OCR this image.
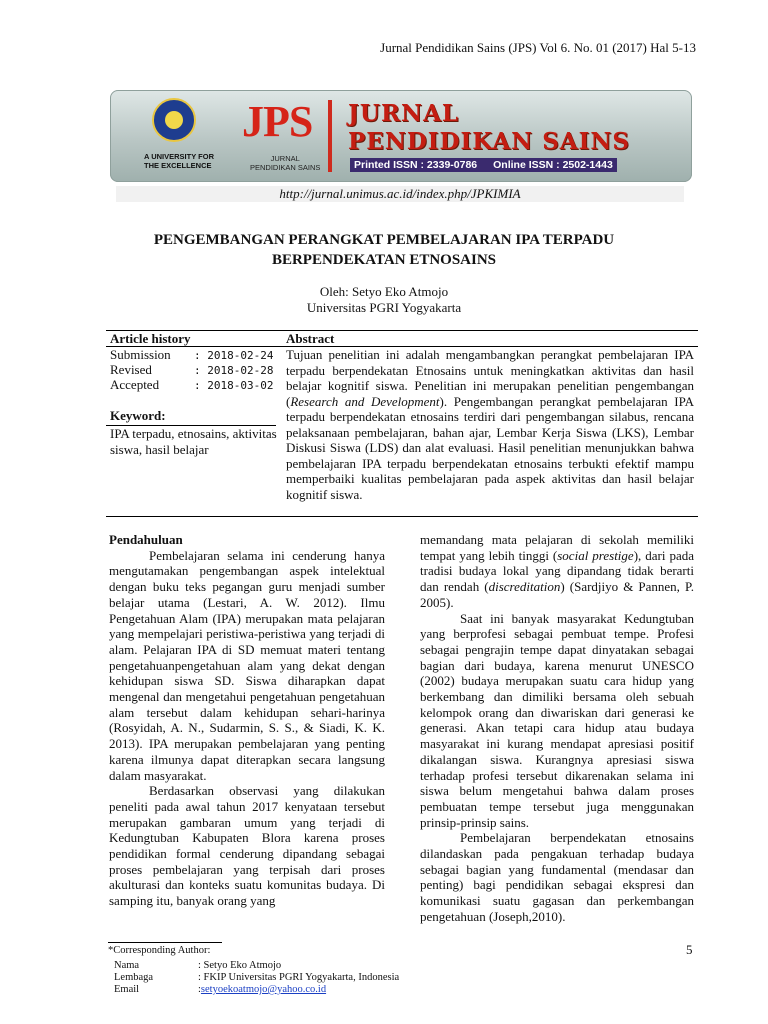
Jurnal Pendidikan Sains (JPS) Vol 6. No. 01 (2017) Hal 5-13
A UNIVERSITY FOR
THE EXCELLENCE
JPS
JURNAL
PENDIDIKAN SAINS
JURNAL
PENDIDIKAN SAINS
Printed ISSN : 2339-0786 Online ISSN : 2502-1443
http://jurnal.unimus.ac.id/index.php/JPKIMIA
PENGEMBANGAN PERANGKAT PEMBELAJARAN IPA TERPADU
BERPENDEKATAN ETNOSAINS
Oleh: Setyo Eko Atmojo
Universitas PGRI Yogyakarta
Article history	Abstract
Submission : 2018-02-24
Revised	: 2018-02-28
Accepted	: 2018-03-02
Keyword:
IPA terpadu, etnosains, aktivitas siswa, hasil belajar
Tujuan penelitian ini adalah mengambangkan perangkat pembelajaran IPA terpadu berpendekatan Etnosains untuk meningkatkan aktivitas dan hasil belajar kognitif siswa. Penelitian ini merupakan penelitian pengembangan (Research and Development). Pengembangan perangkat pembelajaran IPA terpadu berpendekatan etnosains terdiri dari pengembangan silabus, rencana pelaksanaan pembelajaran, bahan ajar, Lembar Kerja Siswa (LKS), Lembar Diskusi Siswa (LDS) dan alat evaluasi. Hasil penelitian menunjukkan bahwa pembelajaran IPA terpadu berpendekatan etnosains terbukti efektif mampu memperbaiki kualitas pembelajaran pada aspek aktivitas dan hasil belajar kognitif siswa.

Pendahuluan

Pembelajaran selama ini cenderung hanya mengutamakan pengembangan aspek intelektual dengan buku teks pegangan guru menjadi sumber belajar utama (Lestari, A. W. 2012). Ilmu Pengetahuan Alam (IPA) merupakan mata pelajaran yang mempelajari peristiwa-peristiwa yang terjadi di alam. Pelajaran IPA di SD memuat materi tentang pengetahuanpengetahuan alam yang dekat dengan kehidupan siswa SD. Siswa diharapkan dapat mengenal dan mengetahui pengetahuan pengetahuan alam tersebut dalam kehidupan sehari-harinya (Rosyidah, A. N., Sudarmin, S. S., & Siadi, K. K. 2013). IPA merupakan pembelajaran yang penting karena ilmunya dapat diterapkan secara langsung dalam masyarakat.

Berdasarkan observasi yang dilakukan peneliti pada awal tahun 2017 kenyataan tersebut merupakan gambaran umum yang terjadi di Kedungtuban Kabupaten Blora karena proses pendidikan formal cenderung dipandang sebagai proses pembelajaran yang terpisah dari proses akulturasi dan konteks suatu komunitas budaya. Di samping itu, banyak orang yang

memandang mata pelajaran di sekolah memiliki tempat yang lebih tinggi (social prestige), dari pada tradisi budaya lokal yang dipandang tidak berarti dan rendah (discreditation) (Sardjiyo & Pannen, P. 2005).

Saat ini banyak masyarakat Kedungtuban yang berprofesi sebagai pembuat tempe. Profesi sebagai pengrajin tempe dapat dinyatakan sebagai bagian dari budaya, karena menurut UNESCO (2002) budaya merupakan suatu cara hidup yang berkembang dan dimiliki bersama oleh sebuah kelompok orang dan diwariskan dari generasi ke generasi. Akan tetapi cara hidup atau budaya masyarakat ini kurang mendapat apresiasi positif dikalangan siswa. Kurangnya apresiasi siswa terhadap profesi tersebut dikarenakan selama ini siswa belum mengetahui bahwa dalam proses pembuatan tempe tersebut juga menggunakan prinsip-prinsip sains.

Pembelajaran berpendekatan etnosains dilandaskan pada pengakuan terhadap budaya sebagai bagian yang fundamental (mendasar dan penting) bagi pendidikan sebagai ekspresi dan komunikasi suatu gagasan dan perkembangan pengetahuan (Joseph,2010).

*Corresponding Author:
Nama	: Setyo Eko Atmojo
Lembaga	: FKIP Universitas PGRI Yogyakarta, Indonesia
Email	:setyoekoatmojo@yahoo.co.id
5
